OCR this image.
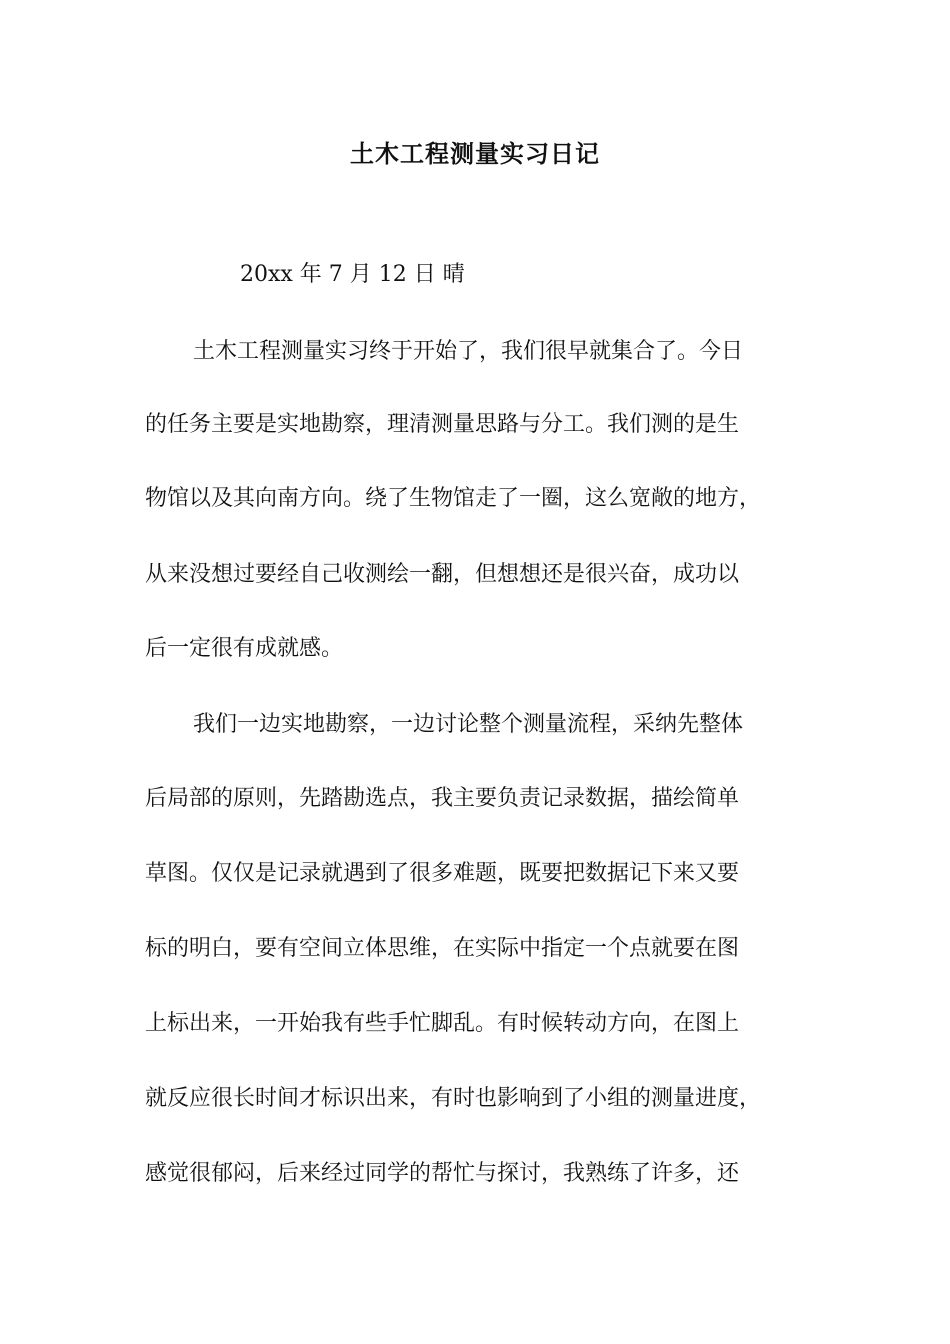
土木工程测量实习日记
20xx 年 7 月 12 日 晴
土木工程测量实习终于开始了，我们很早就集合了。今日
的任务主要是实地勘察，理清测量思路与分工。我们测的是生
物馆以及其向南方向。绕了生物馆走了一圈，这么宽敞的地方，
从来没想过要经自己收测绘一翻，但想想还是很兴奋，成功以
后一定很有成就感。
我们一边实地勘察，一边讨论整个测量流程，采纳先整体
后局部的原则，先踏勘选点，我主要负责记录数据，描绘简单
草图。仅仅是记录就遇到了很多难题，既要把数据记下来又要
标的明白，要有空间立体思维，在实际中指定一个点就要在图
上标出来，一开始我有些手忙脚乱。有时候转动方向，在图上
就反应很长时间才标识出来，有时也影响到了小组的测量进度，
感觉很郁闷，后来经过同学的帮忙与探讨，我熟练了许多，还
